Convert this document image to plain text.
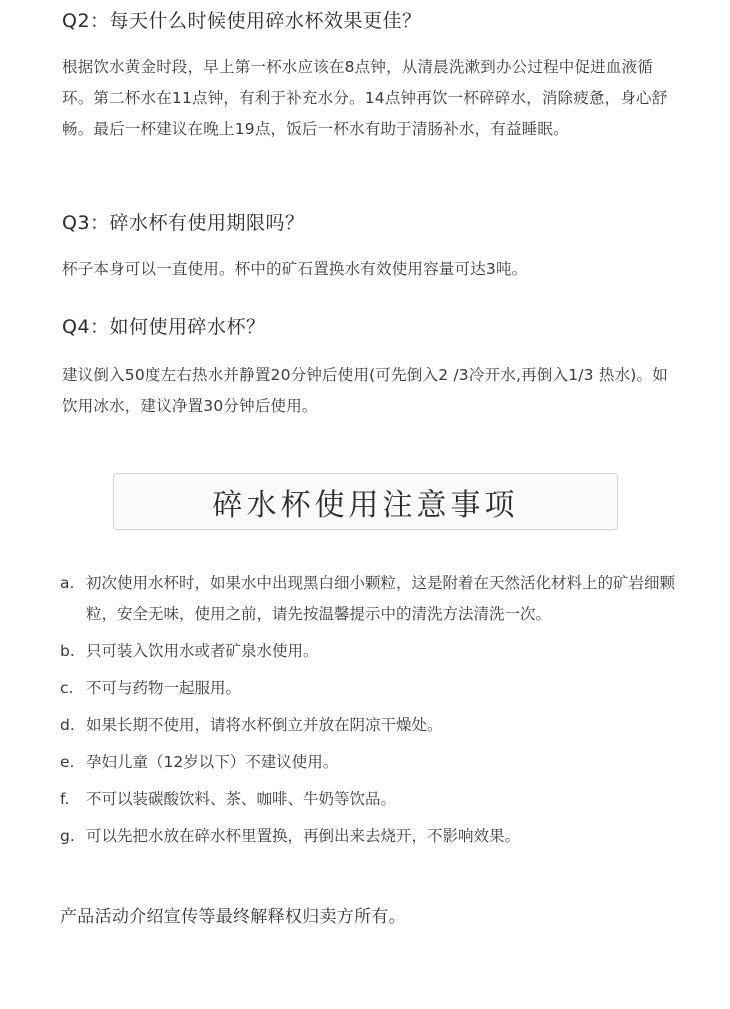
Q2：每天什么时候使用碎水杯效果更佳？

根据饮水黄金时段，早上第一杯水应该在8点钟，从清晨洗漱到办公过程中促进血液循环。第二杯水在11点钟，有利于补充水分。14点钟再饮一杯碎碎水，消除疲惫，身心舒畅。最后一杯建议在晚上19点，饭后一杯水有助于清肠补水，有益睡眠。

Q3：碎水杯有使用期限吗？

杯子本身可以一直使用。杯中的矿石置换水有效使用容量可达3吨。

Q4：如何使用碎水杯？

建议倒入50度左右热水并静置20分钟后使用(可先倒入2 /3冷开水,再倒入1/3 热水)。如饮用冰水，建议净置30分钟后使用。

碎水杯使用注意事项
a. 初次使用水杯时，如果水中出现黑白细小颗粒，这是附着在天然活化材料上的矿岩细颗粒，安全无味，使用之前，请先按温馨提示中的清洗方法清洗一次。
b. 只可装入饮用水或者矿泉水使用。
c. 不可与药物一起服用。
d. 如果长期不使用，请将水杯倒立并放在阴凉干燥处。
e. 孕妇儿童（12岁以下）不建议使用。
f.	不可以装碳酸饮料、茶、咖啡、牛奶等饮品。
g. 可以先把水放在碎水杯里置换，再倒出来去烧开，不影响效果。
产品活动介绍宣传等最终解释权归卖方所有。
